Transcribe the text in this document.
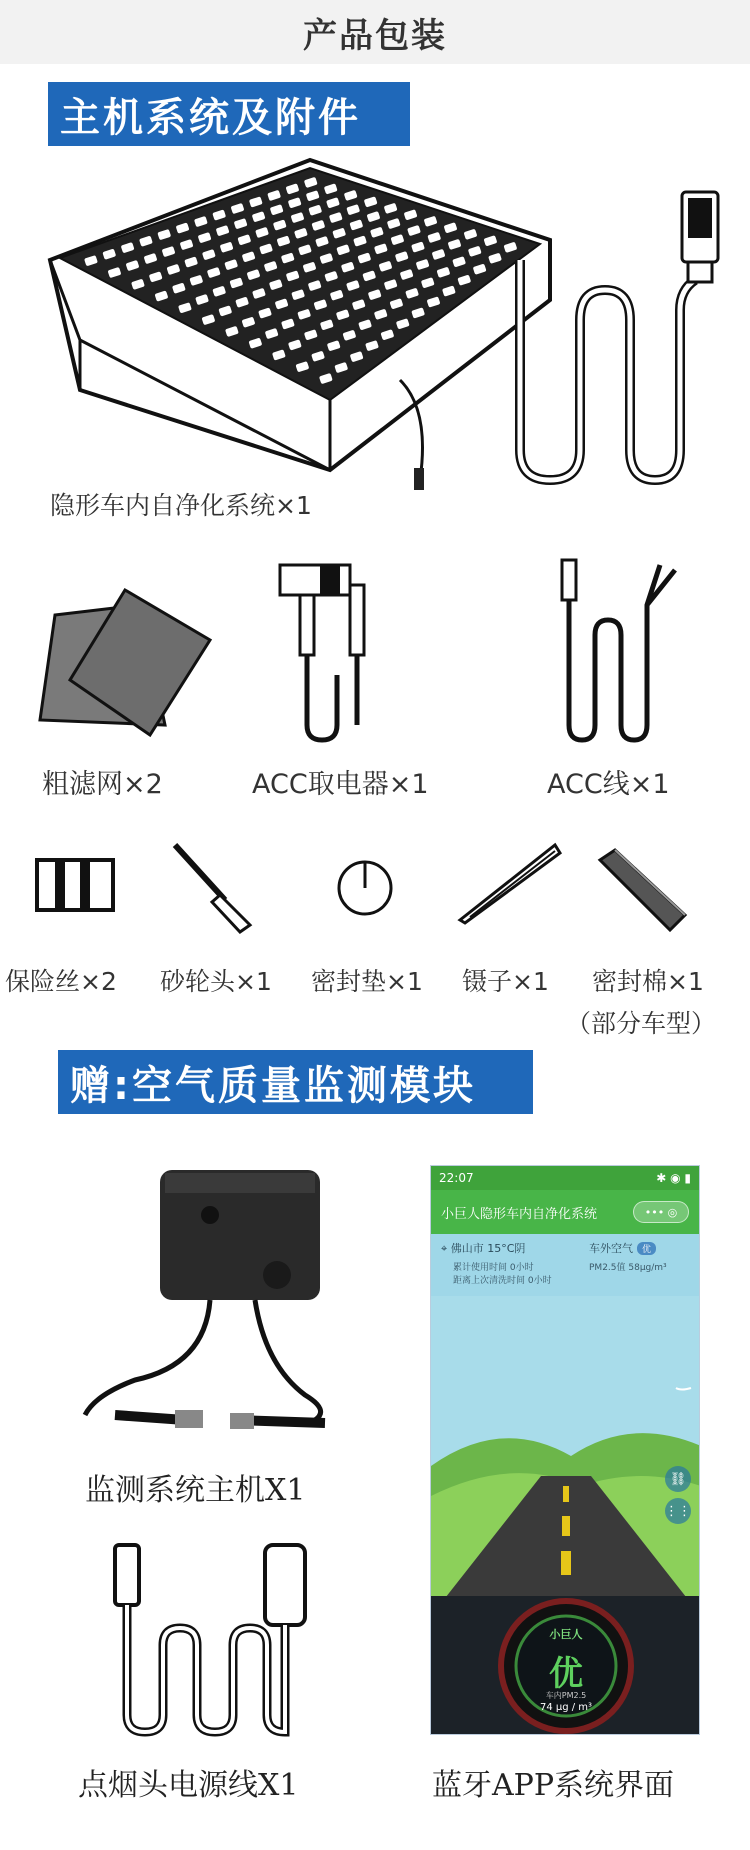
产品包装
主机系统及附件
隐形车内自净化系统×1
粗滤网×2	ACC取电器×1	ACC线×1
保险丝×2 砂轮头×1 密封垫×1 镊子×1 密封棉×1
（部分车型）
赠:空气质量监测模块
监测系统主机X1
点烟头电源线X1
22:07	✱ ◉ ▮
小巨人隐形车内自净化系统	••• ◎
⌖ 佛山市 15°C阴
累计使用时间 0小时
距离上次清洗时间 0小时
车外空气 优
PM2.5值 58μg/m³
小巨人
优
车内PM2.5
74 μg / m³
⛓
⋮⋮
蓝牙APP系统界面
